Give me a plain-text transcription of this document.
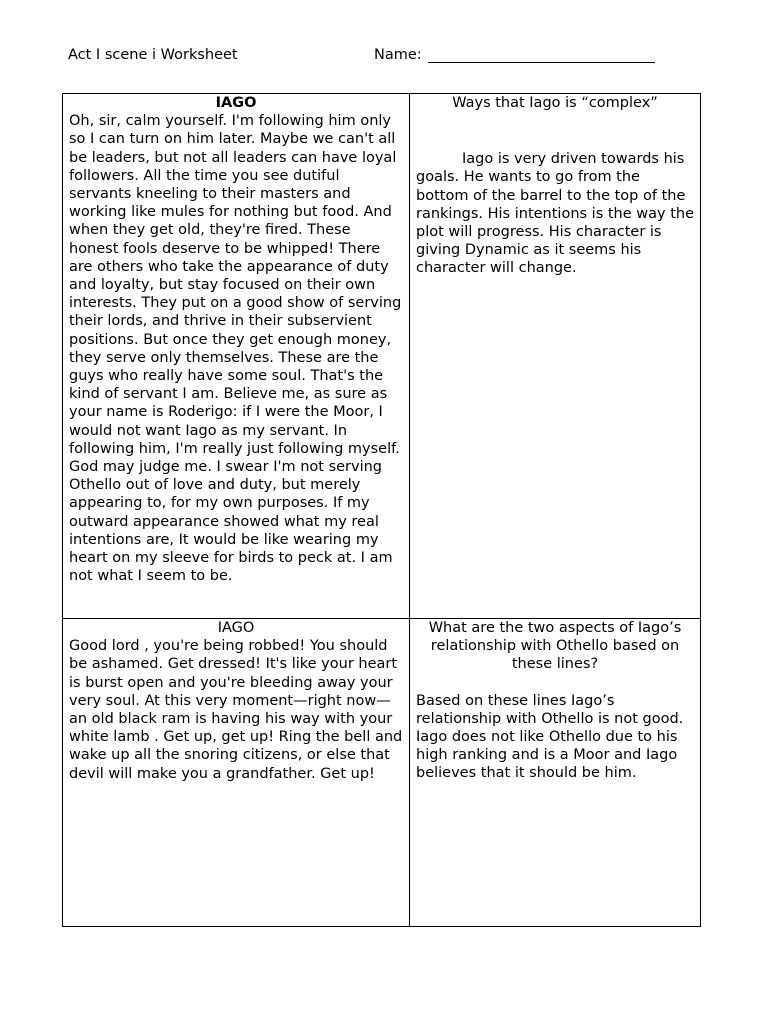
Act I scene i Worksheet	Name:
IAGO
Oh, sir, calm yourself. I'm following him only so I can turn on him later. Maybe we can't all be leaders, but not all leaders can have loyal followers. All the time you see dutiful servants kneeling to their masters and working like mules for nothing but food. And when they get old, they're fired. These honest fools deserve to be whipped! There are others who take the appearance of duty and loyalty, but stay focused on their own interests. They put on a good show of serving their lords, and thrive in their subservient positions. But once they get enough money, they serve only themselves. These are the guys who really have some soul. That's the kind of servant I am. Believe me, as sure as your name is Roderigo: if I were the Moor, I would not want Iago as my servant. In following him, I'm really just following myself. God may judge me. I swear I'm not serving Othello out of love and duty, but merely appearing to, for my own purposes. If my outward appearance showed what my real intentions are, It would be like wearing my heart on my sleeve for birds to peck at. I am not what I seem to be.
Ways that Iago is “complex”
Iago is very driven towards his goals. He wants to go from the bottom of the barrel to the top of the rankings. His intentions is the way the plot will progress. His character is giving Dynamic as it seems his character will change.
IAGO
Good lord , you're being robbed! You should be ashamed. Get dressed! It's like your heart is burst open and you're bleeding away your very soul. At this very moment—right now—an old black ram is having his way with your white lamb . Get up, get up! Ring the bell and wake up all the snoring citizens, or else that devil will make you a grandfather. Get up!
What are the two aspects of Iago’s relationship with Othello based on these lines?
Based on these lines Iago’s relationship with Othello is not good. Iago does not like Othello due to his high ranking and is a Moor and Iago believes that it should be him.
